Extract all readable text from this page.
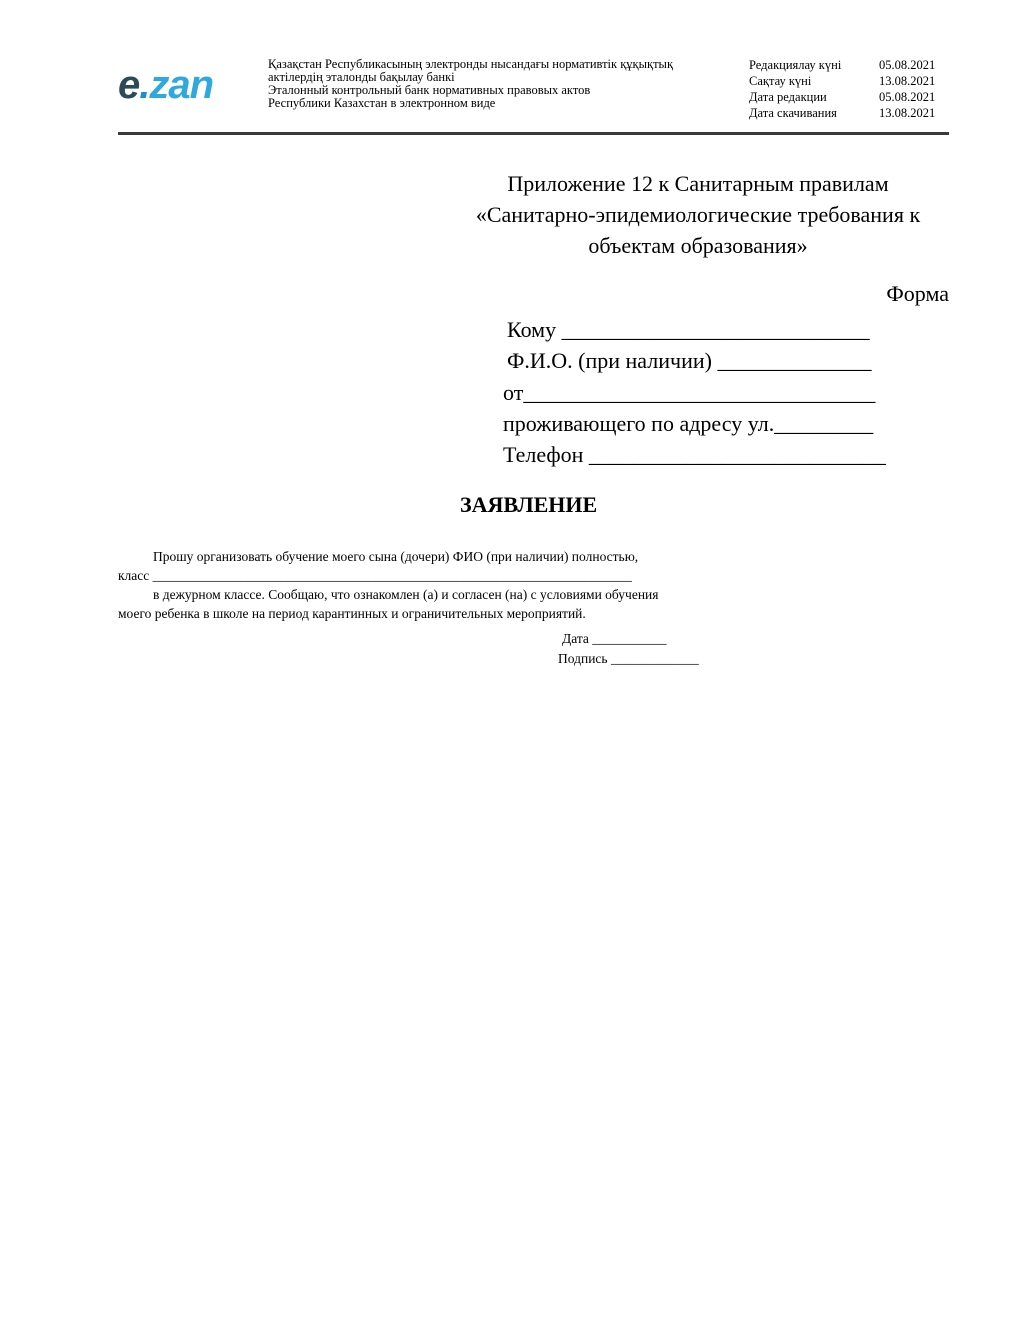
e . zan	Қазақстан Республикасының электронды нысандағы нормативтік құқықтық
актілердің эталонды бақылау банкі
Эталонный контрольный банк нормативных правовых актов
Республики Казахстан в электронном виде
Редакциялау күні	05.08.2021
Сақтау күні	13.08.2021
Дата редакции	05.08.2021
Дата скачивания	13.08.2021
Приложение 12 к Санитарным правилам
«Санитарно-эпидемиологические требования к
объектам образования»
Форма
Кому ____________________________
Ф.И.О. (при наличии) ______________
от________________________________
проживающего по адресу ул._________
Телефон ___________________________
ЗАЯВЛЕНИЕ
Прошу организовать обучение моего сына (дочери) ФИО (при наличии) полностью,
класс _______________________________________________________________________
в дежурном классе. Сообщаю, что ознакомлен (а) и согласен (на) с условиями обучения
моего ребенка в школе на период карантинных и ограничительных мероприятий.
Дата ___________
Подпись _____________
